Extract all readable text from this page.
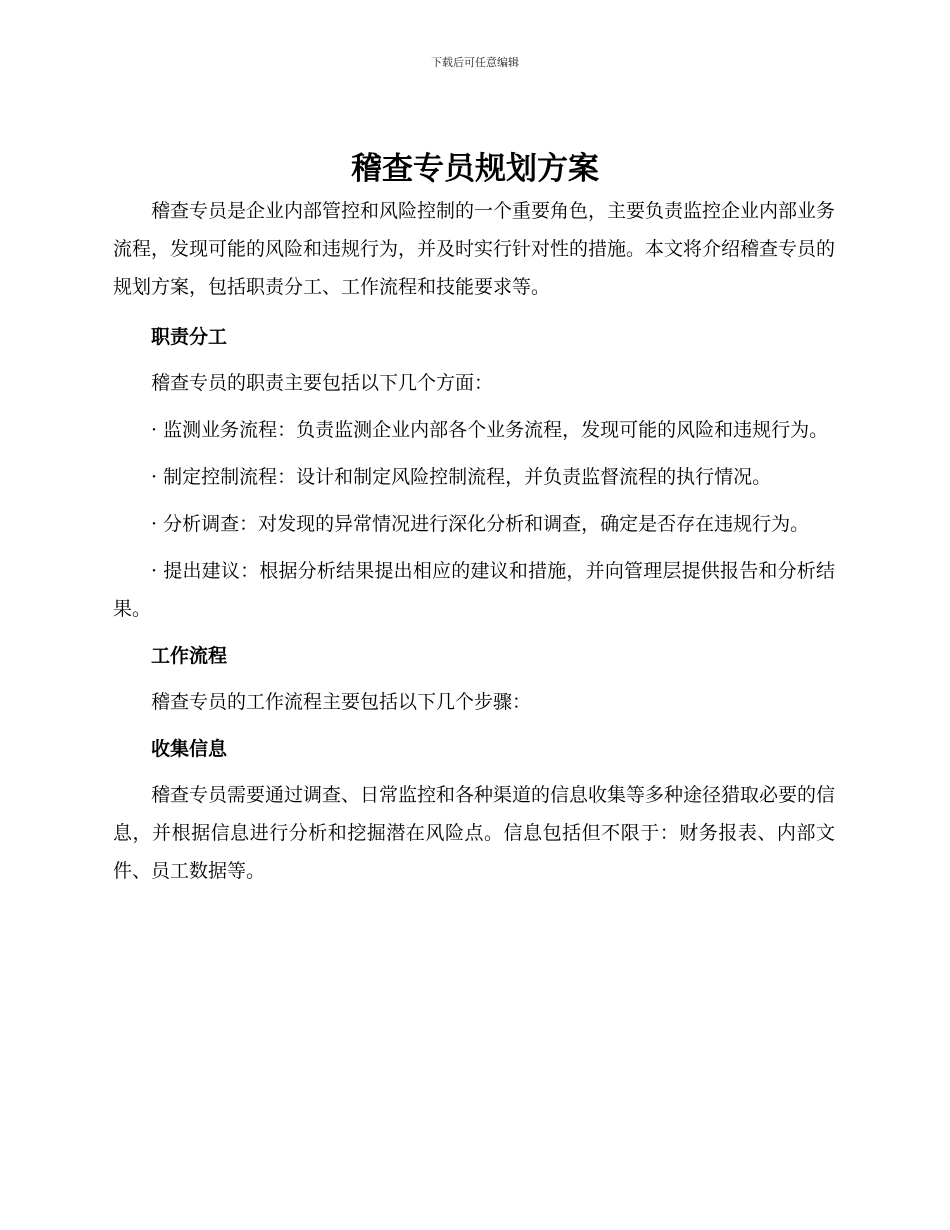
下载后可任意编辑
稽查专员规划方案

稽查专员是企业内部管控和风险控制的一个重要角色，主要负责监控企业内部业务流程，发现可能的风险和违规行为，并及时实行针对性的措施。本文将介绍稽查专员的规划方案，包括职责分工、工作流程和技能要求等。

职责分工

稽查专员的职责主要包括以下几个方面：

· 监测业务流程：负责监测企业内部各个业务流程，发现可能的风险和违规行为。

· 制定控制流程：设计和制定风险控制流程，并负责监督流程的执行情况。

· 分析调查：对发现的异常情况进行深化分析和调查，确定是否存在违规行为。

· 提出建议：根据分析结果提出相应的建议和措施，并向管理层提供报告和分析结果。

工作流程

稽查专员的工作流程主要包括以下几个步骤：

收集信息

稽查专员需要通过调查、日常监控和各种渠道的信息收集等多种途径猎取必要的信息，并根据信息进行分析和挖掘潜在风险点。信息包括但不限于：财务报表、内部文件、员工数据等。
